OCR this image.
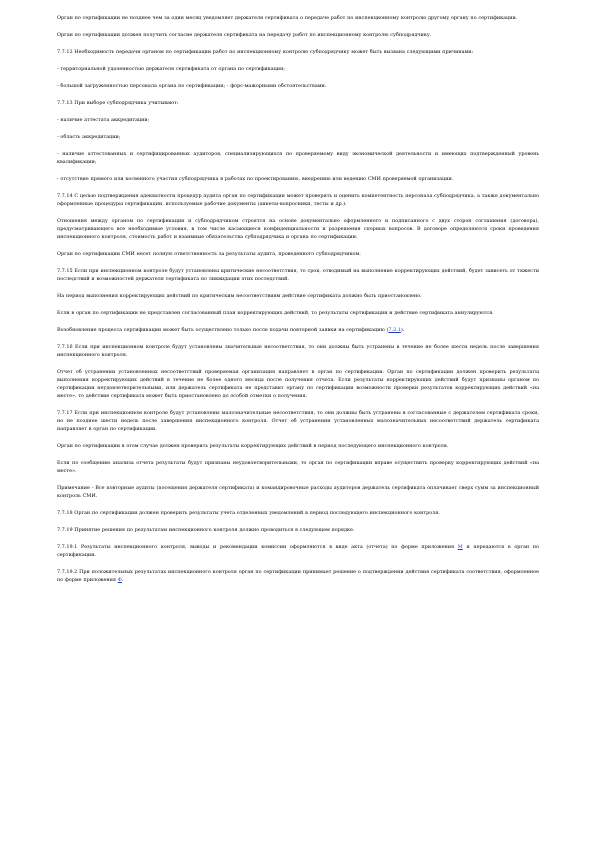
Орган по сертификации не позднее чем за один месяц уведомляет держателя сертификата о передаче работ по инспекционному контролю другому органу по сертификации.

Орган по сертификации должен получить согласие держателя сертификата на передачу работ по инспекционному контролю субподрядчику.

7.7.12 Необходимость передачи органом по сертификации работ по инспекционному контролю субподрядчику может быть вызвана следующими причинами:

- территориальной удаленностью держателя сертификата от органа по сертификации;

- большой загруженностью персонала органа по сертификации; - форс-мажорными обстоятельствами.

7.7.13 При выборе субподрядчика учитывают:

- наличие аттестата аккредитации;

- область аккредитации;

- наличие аттестованных и сертифицированных аудиторов, специализирующихся по проверяемому виду экономической деятельности и имеющих подтвержденный уровень квалификации;

- отсутствие прямого или косвенного участия субподрядчика в работах по проектированию, внедрению или ведению СМИ проверяемой организации.

7.7.14 С целью подтверждения адекватности процедур аудита орган по сертификации может проверить и оценить компетентность персонала субподрядчика, а также документально оформленные процедуры сертификации, используемые рабочие документы (анкеты-вопросники, тесты и др.).

Отношения между органом по сертификации и субподрядчиком строятся на основе документально оформленного и подписанного с двух сторон соглашения (договора), предусматривающего все необходимые условия, в том числе касающиеся конфиденциальности и разрешения спорных вопросов. В договоре определяются сроки проведения инспекционного контроля, стоимость работ и взаимные обязательства субподрядчика и органа по сертификации.

Орган по сертификации СМИ несет полную ответственность за результаты аудита, проведенного субподрядчиком.

7.7.15 Если при инспекционном контроле будут установлены критические несоответствия, то срок, отводимый на выполнение корректирующих действий, будет зависеть от тяжести последствий и возможностей держателя сертификата по ликвидации этих последствий.

На период выполнения корректирующих действий по критическим несоответствиям действие сертификата должно быть приостановлено.

Если в орган по сертификации не представлен согласованный план корректирующих действий, то результаты сертификации и действие сертификата аннулируются.

Возобновление процесса сертификации может быть осуществлено только после подачи повторной заявки на сертификацию (7.2.1).

7.7.16 Если при инспекционном контроле будут установлены значительные несоответствия, то они должны быть устранены в течение не более шести недель после завершения инспекционного контроля.

Отчет об устранении установленных несоответствий проверяемая организация направляет в орган по сертификации. Орган по сертификации должен проверить результаты выполнения корректирующих действий в течение не более одного месяца после получения отчета. Если результаты корректирующих действий будут признаны органом по сертификации неудовлетворительными, или держатель сертификата не представит органу по сертификации возможности проверки результатов корректирующих действий «на месте», то действие сертификата может быть приостановлено до особой отметки о получения.

7.7.17 Если при инспекционном контроле будут установлены малозначительные несоответствия, то они должны быть устранены в согласованные с держателем сертификата сроки, но не позднее шести недель после завершения инспекционного контроля. Отчет об устранении установленных малозначительных несоответствий держатель сертификата направляет в орган по сертификации.

Орган по сертификации в этом случае должен проверить результаты корректирующих действий в период последующего инспекционного контроля.

Если по сообщению анализа отчета результаты будут признаны неудовлетворительными, то орган по сертификации вправе осуществить проверку корректирующих действий «на месте».

Примечание - Все повторные аудиты (посещения держателя сертификата) и командировочные расходы аудиторов держатель сертификата оплачивает сверх сумм за инспекционный контроль СМИ.

7.7.18 Орган по сертификации должен проверить результаты учета отделенных уведомлений в период последующего инспекционного контроля.

7.7.19 Принятие решения по результатам инспекционного контроля должно проводиться в следующем порядке.

7.7.19.1 Результаты инспекционного контроля, выводы и рекомендации комиссии оформляются в виде акта (отчета) по форме приложения М и передаются в орган по сертификации.

7.7.19.2 При положительных результатах инспекционного контроля орган по сертификации принимает решение о подтверждении действия сертификата соответствия, оформленное по форме приложения Ф.
